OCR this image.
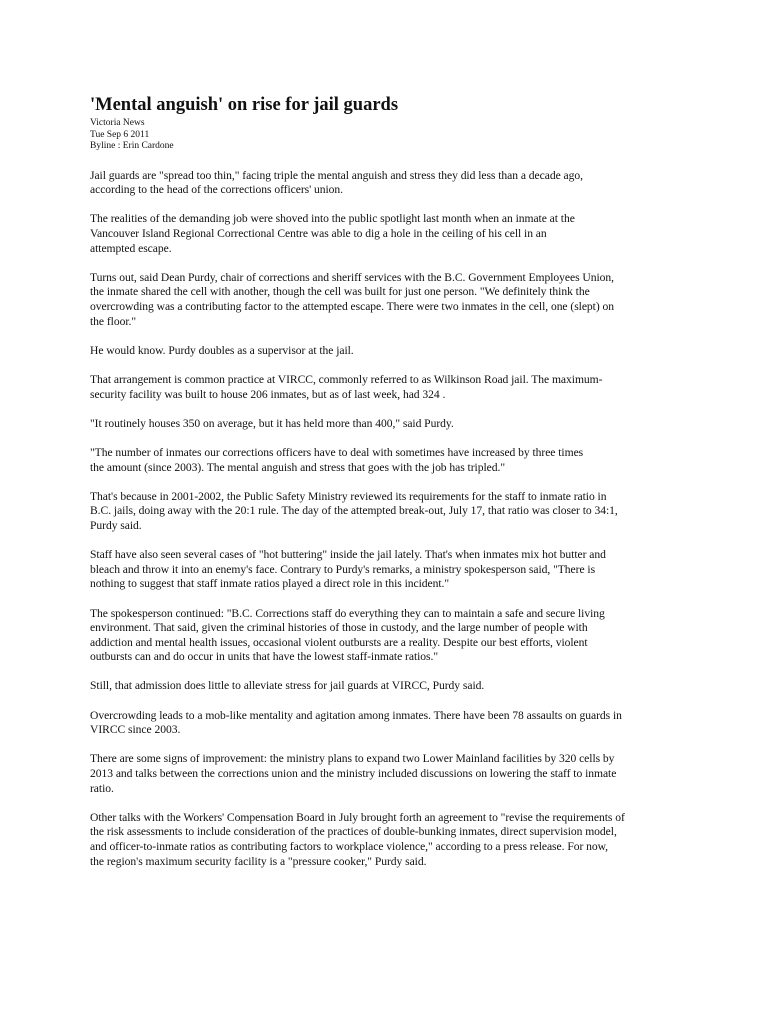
'Mental anguish' on rise for jail guards
Victoria News
Tue Sep 6 2011
Byline : Erin Cardone

Jail guards are "spread too thin," facing triple the mental anguish and stress they did less than a decade ago,
according to the head of the corrections officers' union.

The realities of the demanding job were shoved into the public spotlight last month when an inmate at the
Vancouver Island Regional Correctional Centre was able to dig a hole in the ceiling of his cell in an
attempted escape.

Turns out, said Dean Purdy, chair of corrections and sheriff services with the B.C. Government Employees Union,
the inmate shared the cell with another, though the cell was built for just one person. "We definitely think the
overcrowding was a contributing factor to the attempted escape. There were two inmates in the cell, one (slept) on
the floor."

He would know. Purdy doubles as a supervisor at the jail.

That arrangement is common practice at VIRCC, commonly referred to as Wilkinson Road jail. The maximum-
security facility was built to house 206 inmates, but as of last week, had 324 .

"It routinely houses 350 on average, but it has held more than 400," said Purdy.

"The number of inmates our corrections officers have to deal with sometimes have increased by three times
the amount (since 2003). The mental anguish and stress that goes with the job has tripled."

That's because in 2001-2002, the Public Safety Ministry reviewed its requirements for the staff to inmate ratio in
B.C. jails, doing away with the 20:1 rule. The day of the attempted break-out, July 17, that ratio was closer to 34:1,
Purdy said.

Staff have also seen several cases of "hot buttering" inside the jail lately. That's when inmates mix hot butter and
bleach and throw it into an enemy's face. Contrary to Purdy's remarks, a ministry spokesperson said, "There is
nothing to suggest that staff inmate ratios played a direct role in this incident."

The spokesperson continued: "B.C. Corrections staff do everything they can to maintain a safe and secure living
environment. That said, given the criminal histories of those in custody, and the large number of people with
addiction and mental health issues, occasional violent outbursts are a reality. Despite our best efforts, violent
outbursts can and do occur in units that have the lowest staff-inmate ratios."

Still, that admission does little to alleviate stress for jail guards at VIRCC, Purdy said.

Overcrowding leads to a mob-like mentality and agitation among inmates. There have been 78 assaults on guards in
VIRCC since 2003.

There are some signs of improvement: the ministry plans to expand two Lower Mainland facilities by 320 cells by
2013 and talks between the corrections union and the ministry included discussions on lowering the staff to inmate
ratio.

Other talks with the Workers' Compensation Board in July brought forth an agreement to "revise the requirements of
the risk assessments to include consideration of the practices of double-bunking inmates, direct supervision model,
and officer-to-inmate ratios as contributing factors to workplace violence," according to a press release. For now,
the region's maximum security facility is a "pressure cooker," Purdy said.
